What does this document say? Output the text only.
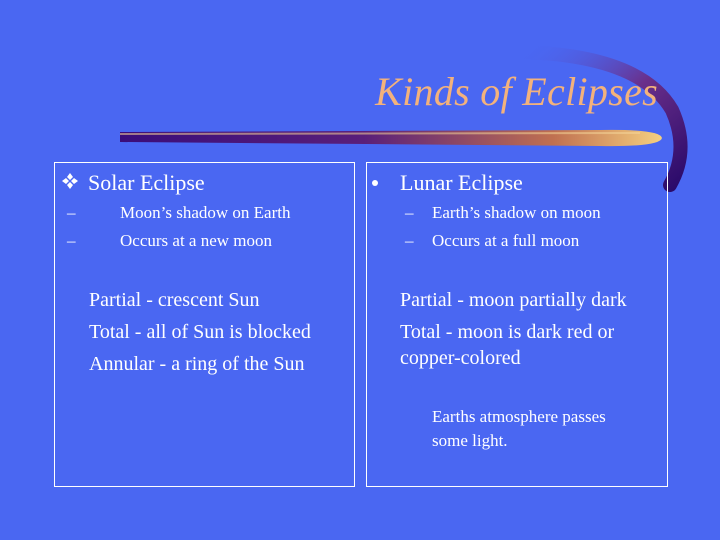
Kinds of Eclipses
Solar Eclipse
–	Moon’s shadow on Earth
–	Occurs at a new moon
Partial - crescent Sun
Total - all of Sun is blocked
Annular - a ring of the Sun
Lunar Eclipse
– Earth’s shadow on moon
– Occurs at a full moon
Partial - moon partially dark
Total - moon is dark red or
copper-colored
Earths atmosphere passes
some light.
